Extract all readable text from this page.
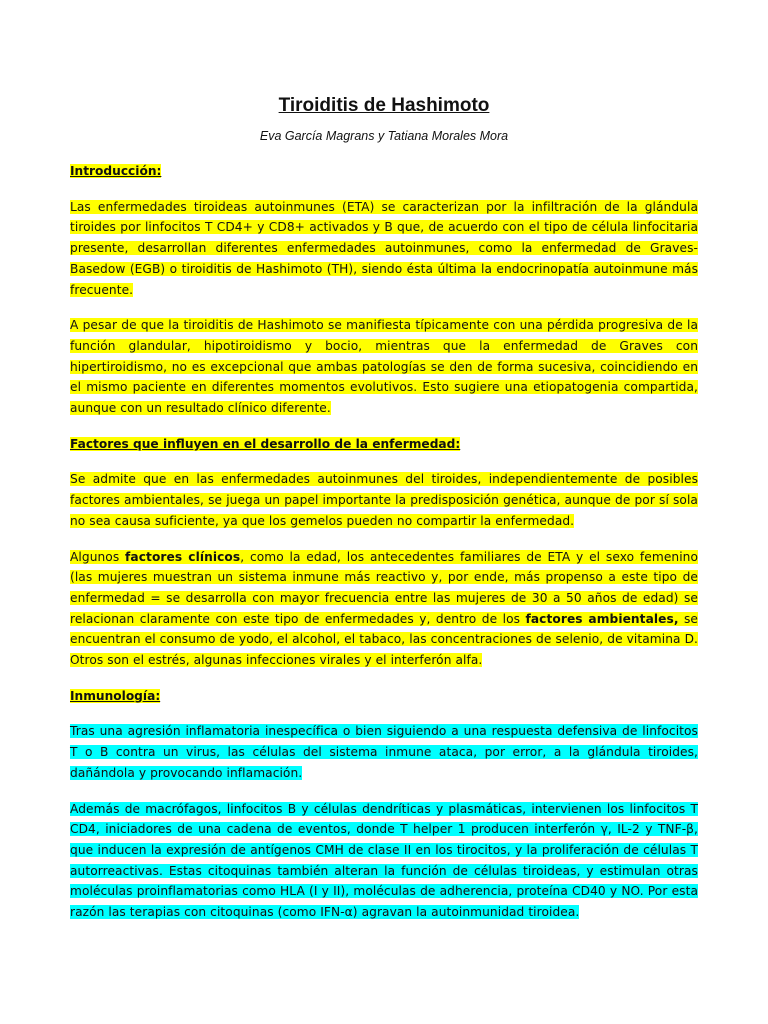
Tiroiditis de Hashimoto
Eva García Magrans y Tatiana Morales Mora
Introducción:
Las enfermedades tiroideas autoinmunes (ETA) se caracterizan por la infiltración de la glándula tiroides por linfocitos T CD4+ y CD8+ activados y B que, de acuerdo con el tipo de célula linfocitaria presente, desarrollan diferentes enfermedades autoinmunes, como la enfermedad de Graves-Basedow (EGB) o tiroiditis de Hashimoto (TH), siendo ésta última la endocrinopatía autoinmune más frecuente.
A pesar de que la tiroiditis de Hashimoto se manifiesta típicamente con una pérdida progresiva de la función glandular, hipotiroidismo y bocio, mientras que la enfermedad de Graves con hipertiroidismo, no es excepcional que ambas patologías se den de forma sucesiva, coincidiendo en el mismo paciente en diferentes momentos evolutivos. Esto sugiere una etiopatogenia compartida, aunque con un resultado clínico diferente.
Factores que influyen en el desarrollo de la enfermedad:
Se admite que en las enfermedades autoinmunes del tiroides, independientemente de posibles factores ambientales, se juega un papel importante la predisposición genética, aunque de por sí sola no sea causa suficiente, ya que los gemelos pueden no compartir la enfermedad.
Algunos factores clínicos, como la edad, los antecedentes familiares de ETA y el sexo femenino (las mujeres muestran un sistema inmune más reactivo y, por ende, más propenso a este tipo de enfermedad = se desarrolla con mayor frecuencia entre las mujeres de 30 a 50 años de edad) se relacionan claramente con este tipo de enfermedades y, dentro de los factores ambientales, se encuentran el consumo de yodo, el alcohol, el tabaco, las concentraciones de selenio, de vitamina D. Otros son el estrés, algunas infecciones virales y el interferón alfa.
Inmunología:
Tras una agresión inflamatoria inespecífica o bien siguiendo a una respuesta defensiva de linfocitos T o B contra un virus, las células del sistema inmune ataca, por error, a la glándula tiroides, dañándola y provocando inflamación.
Además de macrófagos, linfocitos B y células dendríticas y plasmáticas, intervienen los linfocitos T CD4, iniciadores de una cadena de eventos, donde T helper 1 producen interferón γ, IL-2 y TNF-β, que inducen la expresión de antígenos CMH de clase II en los tirocitos, y la proliferación de células T autorreactivas. Estas citoquinas también alteran la función de células tiroideas, y estimulan otras moléculas proinflamatorias como HLA (I y II), moléculas de adherencia, proteína CD40 y NO. Por esta razón las terapias con citoquinas (como IFN-α) agravan la autoinmunidad tiroidea.
